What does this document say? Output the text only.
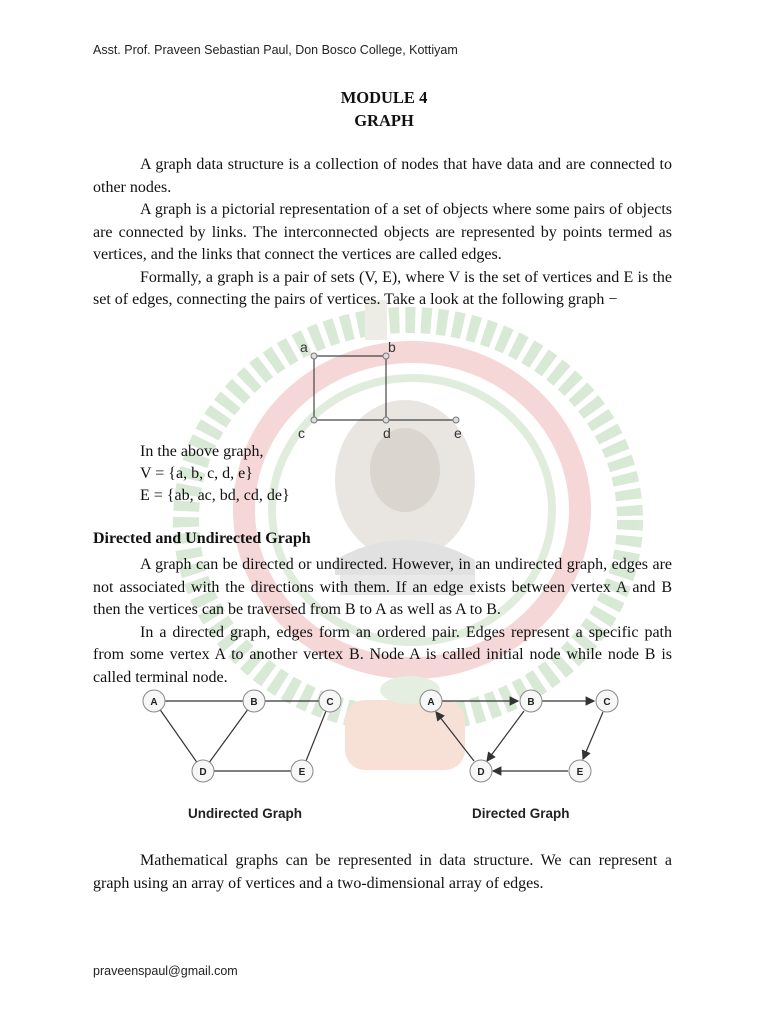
Asst. Prof. Praveen Sebastian Paul, Don Bosco College, Kottiyam
MODULE 4
GRAPH

A graph data structure is a collection of nodes that have data and are connected to other nodes.

A graph is a pictorial representation of a set of objects where some pairs of objects are connected by links. The interconnected objects are represented by points termed as vertices, and the links that connect the vertices are called edges.

Formally, a graph is a pair of sets (V, E), where V is the set of vertices and E is the set of edges, connecting the pairs of vertices. Take a look at the following graph −

a	b
c	d	e
In the above graph,
V = {a, b, c, d, e}
E = {ab, ac, bd, cd, de}
Directed and Undirected Graph

A graph can be directed or undirected. However, in an undirected graph, edges are not associated with the directions with them. If an edge exists between vertex A and B then the vertices can be traversed from B to A as well as A to B.

In a directed graph, edges form an ordered pair. Edges represent a specific path from some vertex A to another vertex B. Node A is called initial node while node B is called terminal node.

A	B	C
D	E
Undirected Graph
A	B	C
D	E
Directed Graph

Mathematical graphs can be represented in data structure. We can represent a graph using an array of vertices and a two-dimensional array of edges.

praveenspaul@gmail.com
